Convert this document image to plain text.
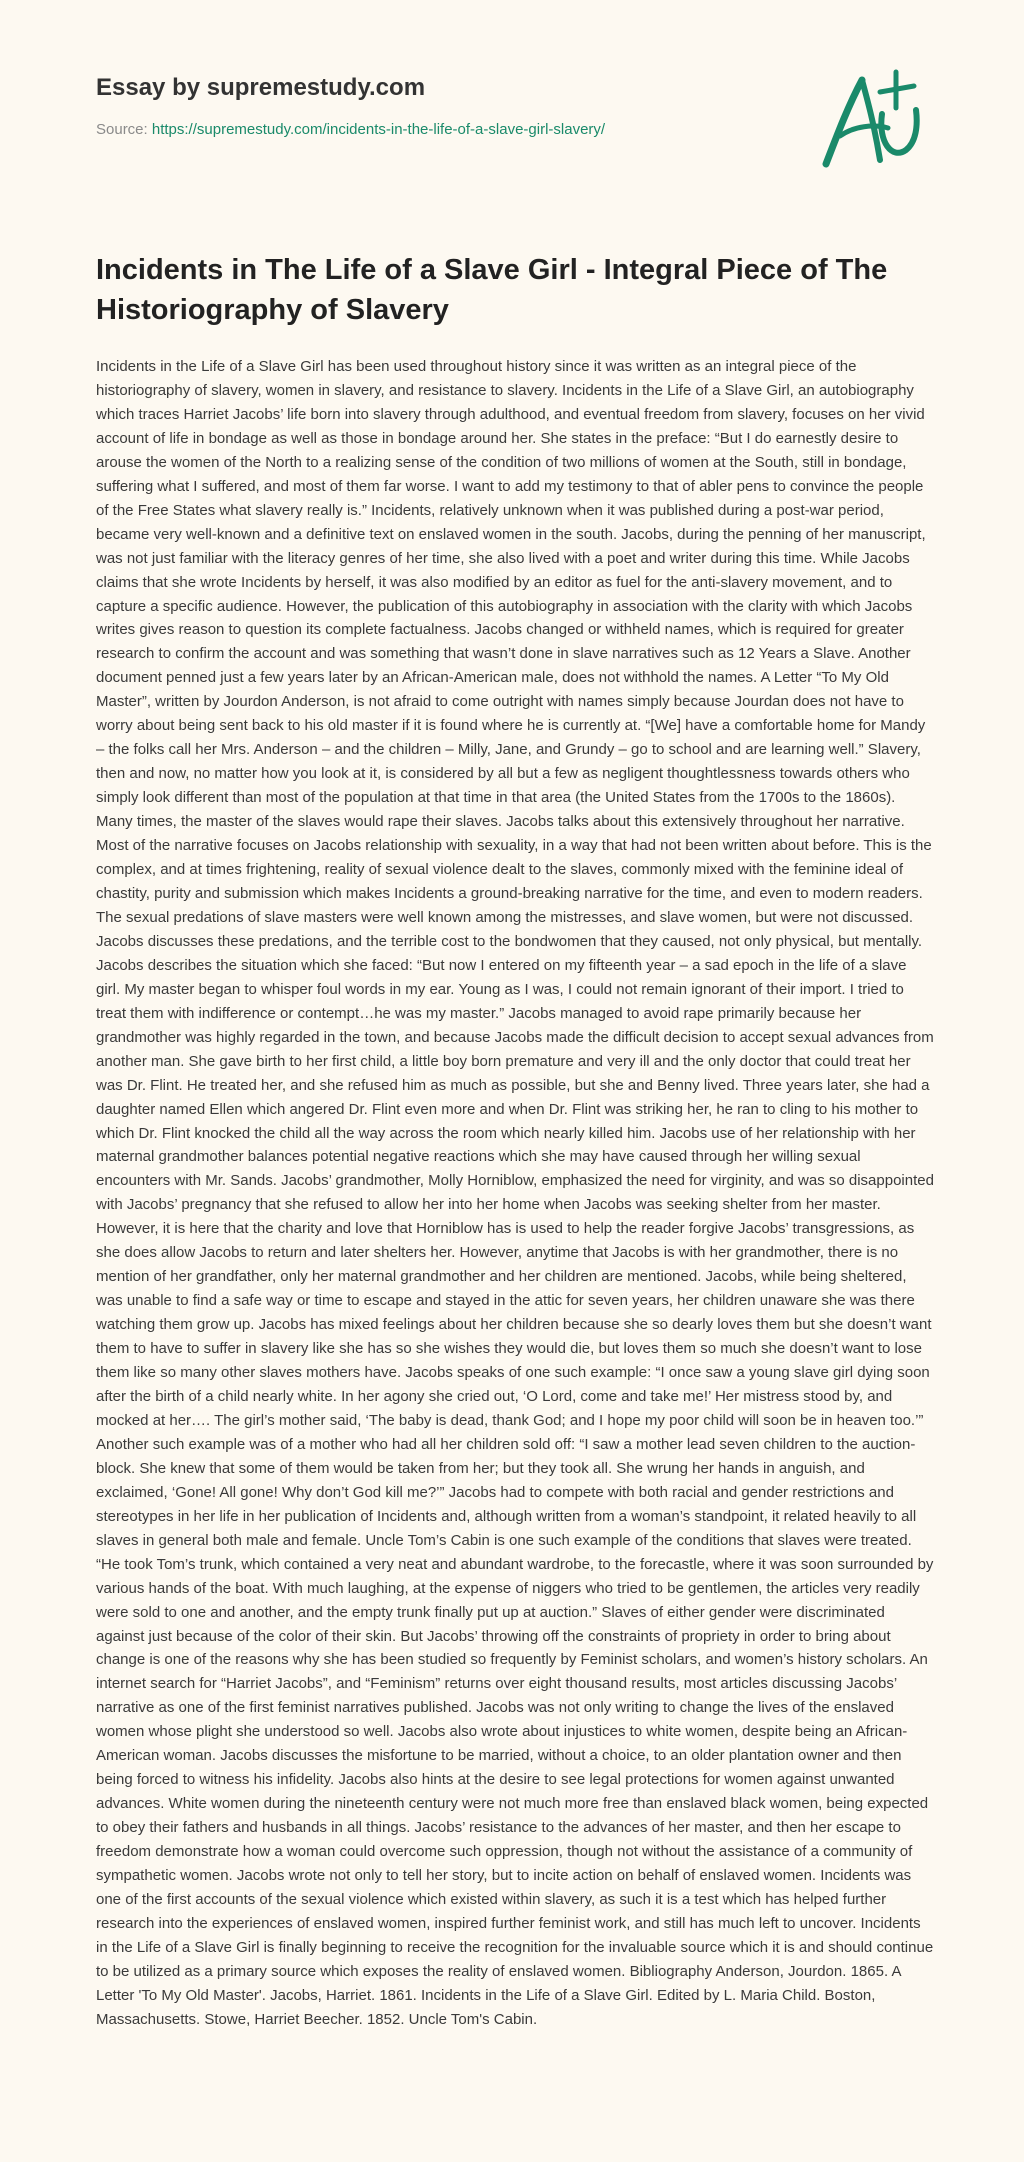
Essay by supremestudy.com
Source: https://supremestudy.com/incidents-in-the-life-of-a-slave-girl-slavery/
Incidents in The Life of a Slave Girl - Integral Piece of The Historiography of Slavery

Incidents in the Life of a Slave Girl has been used throughout history since it was written as an integral piece of the historiography of slavery, women in slavery, and resistance to slavery. Incidents in the Life of a Slave Girl, an autobiography which traces Harriet Jacobs’ life born into slavery through adulthood, and eventual freedom from slavery, focuses on her vivid account of life in bondage as well as those in bondage around her. She states in the preface: “But I do earnestly desire to arouse the women of the North to a realizing sense of the condition of two millions of women at the South, still in bondage, suffering what I suffered, and most of them far worse. I want to add my testimony to that of abler pens to convince the people of the Free States what slavery really is.” Incidents, relatively unknown when it was published during a post-war period, became very well-known and a definitive text on enslaved women in the south. Jacobs, during the penning of her manuscript, was not just familiar with the literacy genres of her time, she also lived with a poet and writer during this time. While Jacobs claims that she wrote Incidents by herself, it was also modified by an editor as fuel for the anti-slavery movement, and to capture a specific audience. However, the publication of this autobiography in association with the clarity with which Jacobs writes gives reason to question its complete factualness. Jacobs changed or withheld names, which is required for greater research to confirm the account and was something that wasn’t done in slave narratives such as 12 Years a Slave. Another document penned just a few years later by an African-American male, does not withhold the names. A Letter “To My Old Master”, written by Jourdon Anderson, is not afraid to come outright with names simply because Jourdan does not have to worry about being sent back to his old master if it is found where he is currently at. “[We] have a comfortable home for Mandy – the folks call her Mrs. Anderson – and the children – Milly, Jane, and Grundy – go to school and are learning well.” Slavery, then and now, no matter how you look at it, is considered by all but a few as negligent thoughtlessness towards others who simply look different than most of the population at that time in that area (the United States from the 1700s to the 1860s). Many times, the master of the slaves would rape their slaves. Jacobs talks about this extensively throughout her narrative. Most of the narrative focuses on Jacobs relationship with sexuality, in a way that had not been written about before. This is the complex, and at times frightening, reality of sexual violence dealt to the slaves, commonly mixed with the feminine ideal of chastity, purity and submission which makes Incidents a ground-breaking narrative for the time, and even to modern readers. The sexual predations of slave masters were well known among the mistresses, and slave women, but were not discussed. Jacobs discusses these predations, and the terrible cost to the bondwomen that they caused, not only physical, but mentally. Jacobs describes the situation which she faced: “But now I entered on my fifteenth year – a sad epoch in the life of a slave girl. My master began to whisper foul words in my ear. Young as I was, I could not remain ignorant of their import. I tried to treat them with indifference or contempt…he was my master.” Jacobs managed to avoid rape primarily because her grandmother was highly regarded in the town, and because Jacobs made the difficult decision to accept sexual advances from another man. She gave birth to her first child, a little boy born premature and very ill and the only doctor that could treat her was Dr. Flint. He treated her, and she refused him as much as possible, but she and Benny lived. Three years later, she had a daughter named Ellen which angered Dr. Flint even more and when Dr. Flint was striking her, he ran to cling to his mother to which Dr. Flint knocked the child all the way across the room which nearly killed him. Jacobs use of her relationship with her maternal grandmother balances potential negative reactions which she may have caused through her willing sexual encounters with Mr. Sands. Jacobs’ grandmother, Molly Horniblow, emphasized the need for virginity, and was so disappointed with Jacobs’ pregnancy that she refused to allow her into her home when Jacobs was seeking shelter from her master. However, it is here that the charity and love that Horniblow has is used to help the reader forgive Jacobs’ transgressions, as she does allow Jacobs to return and later shelters her. However, anytime that Jacobs is with her grandmother, there is no mention of her grandfather, only her maternal grandmother and her children are mentioned. Jacobs, while being sheltered, was unable to find a safe way or time to escape and stayed in the attic for seven years, her children unaware she was there watching them grow up. Jacobs has mixed feelings about her children because she so dearly loves them but she doesn’t want them to have to suffer in slavery like she has so she wishes they would die, but loves them so much she doesn’t want to lose them like so many other slaves mothers have. Jacobs speaks of one such example: “I once saw a young slave girl dying soon after the birth of a child nearly white. In her agony she cried out, ‘O Lord, come and take me!’ Her mistress stood by, and mocked at her…. The girl’s mother said, ‘The baby is dead, thank God; and I hope my poor child will soon be in heaven too.’” Another such example was of a mother who had all her children sold off: “I saw a mother lead seven children to the auction-block. She knew that some of them would be taken from her; but they took all. She wrung her hands in anguish, and exclaimed, ‘Gone! All gone! Why don’t God kill me?’” Jacobs had to compete with both racial and gender restrictions and stereotypes in her life in her publication of Incidents and, although written from a woman’s standpoint, it related heavily to all slaves in general both male and female. Uncle Tom’s Cabin is one such example of the conditions that slaves were treated. “He took Tom’s trunk, which contained a very neat and abundant wardrobe, to the forecastle, where it was soon surrounded by various hands of the boat. With much laughing, at the expense of niggers who tried to be gentlemen, the articles very readily were sold to one and another, and the empty trunk finally put up at auction.” Slaves of either gender were discriminated against just because of the color of their skin. But Jacobs’ throwing off the constraints of propriety in order to bring about change is one of the reasons why she has been studied so frequently by Feminist scholars, and women’s history scholars. An internet search for “Harriet Jacobs”, and “Feminism” returns over eight thousand results, most articles discussing Jacobs’ narrative as one of the first feminist narratives published. Jacobs was not only writing to change the lives of the enslaved women whose plight she understood so well. Jacobs also wrote about injustices to white women, despite being an African-American woman. Jacobs discusses the misfortune to be married, without a choice, to an older plantation owner and then being forced to witness his infidelity. Jacobs also hints at the desire to see legal protections for women against unwanted advances. White women during the nineteenth century were not much more free than enslaved black women, being expected to obey their fathers and husbands in all things. Jacobs’ resistance to the advances of her master, and then her escape to freedom demonstrate how a woman could overcome such oppression, though not without the assistance of a community of sympathetic women. Jacobs wrote not only to tell her story, but to incite action on behalf of enslaved women. Incidents was one of the first accounts of the sexual violence which existed within slavery, as such it is a test which has helped further research into the experiences of enslaved women, inspired further feminist work, and still has much left to uncover. Incidents in the Life of a Slave Girl is finally beginning to receive the recognition for the invaluable source which it is and should continue to be utilized as a primary source which exposes the reality of enslaved women. Bibliography Anderson, Jourdon. 1865. A Letter 'To My Old Master'. Jacobs, Harriet. 1861. Incidents in the Life of a Slave Girl. Edited by L. Maria Child. Boston, Massachusetts. Stowe, Harriet Beecher. 1852. Uncle Tom's Cabin.
